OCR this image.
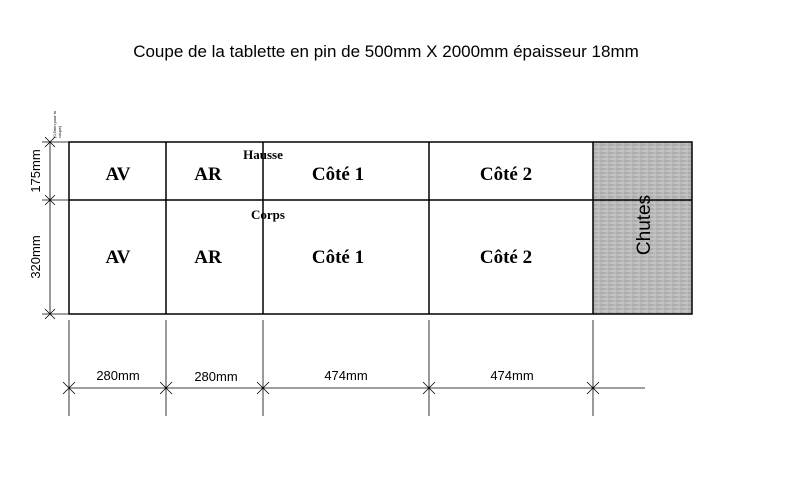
Coupe de la tablette en pin de 500mm X 2000mm épaisseur 18mm
Chutes
Hausse
Corps
AV	AR	Côté 1	Côté 2
AV	AR	Côté 1	Côté 2
175mm
320mm
(0,5mm pour la coupe)
280mm	280mm	474mm	474mm
